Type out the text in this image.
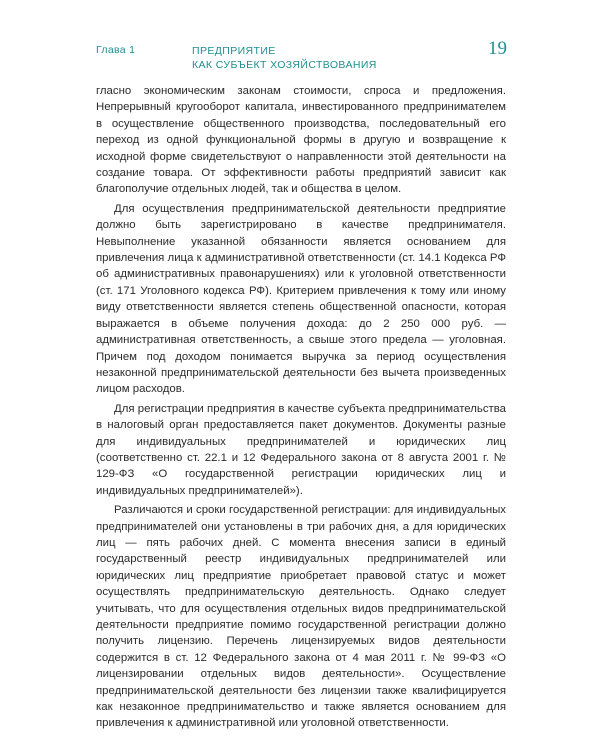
Глава 1	ПРЕДПРИЯТИЕ
КАК СУБЪЕКТ ХОЗЯЙСТВОВАНИЯ
19

гласно экономическим законам стоимости, спроса и предложения. Непрерывный кругооборот капитала, инвестированного предпринимателем в осуществление общественного производства, последовательный его переход из одной функциональной формы в другую и возвращение к исходной форме свидетельствуют о направленности этой деятельности на создание товара. От эффективности работы предприятий зависит как благополучие отдельных людей, так и общества в целом.

Для осуществления предпринимательской деятельности предприятие должно быть зарегистрировано в качестве предпринимателя. Невыполнение указанной обязанности является основанием для привлечения лица к административной ответственности (ст. 14.1 Кодекса РФ об административных правонарушениях) или к уголовной ответственности (ст. 171 Уголовного кодекса РФ). Критерием привлечения к тому или иному виду ответственности является степень общественной опасности, которая выражается в объеме получения дохода: до 2 250 000 руб. — административная ответственность, а свыше этого предела — уголовная. Причем под доходом понимается выручка за период осуществления незаконной предпринимательской деятельности без вычета произведенных лицом расходов.

Для регистрации предприятия в качестве субъекта предпринимательства в налоговый орган предоставляется пакет документов. Документы разные для индивидуальных предпринимателей и юридических лиц (соответственно ст. 22.1 и 12 Федерального закона от 8 августа 2001 г. № 129-ФЗ «О государственной регистрации юридических лиц и индивидуальных предпринимателей»).

Различаются и сроки государственной регистрации: для индивидуальных предпринимателей они установлены в три рабочих дня, а для юридических лиц — пять рабочих дней. С момента внесения записи в единый государственный реестр индивидуальных предпринимателей или юридических лиц предприятие приобретает правовой статус и может осуществлять предпринимательскую деятельность. Однако следует учитывать, что для осуществления отдельных видов предпринимательской деятельности предприятие помимо государственной регистрации должно получить лицензию. Перечень лицензируемых видов деятельности содержится в ст. 12 Федерального закона от 4 мая 2011 г. № 99-ФЗ «О лицензировании отдельных видов деятельности». Осуществление предпринимательской деятельности без лицензии также квалифицируется как незаконное предпринимательство и также является основанием для привлечения к административной или уголовной ответственности.
